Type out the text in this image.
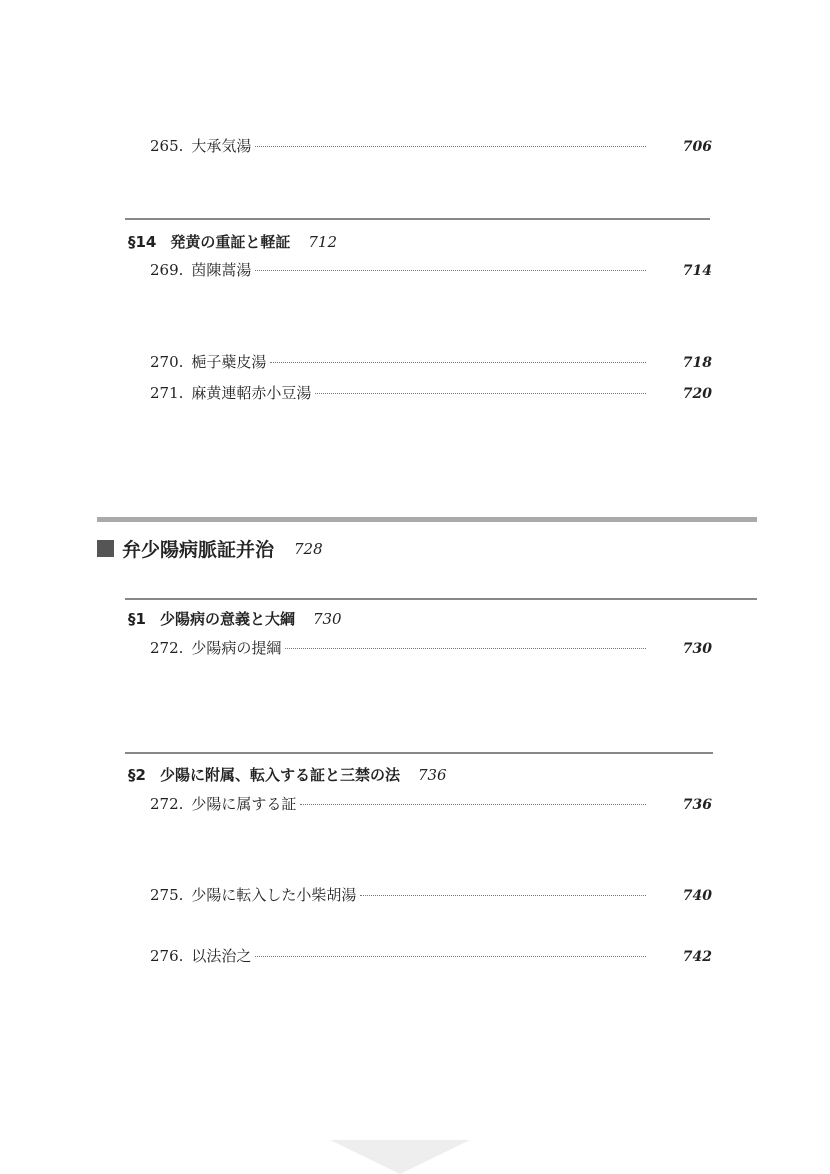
265. 大承気湯	706
§14 発黄の重証と軽証 712
269. 茵陳蒿湯	714
270. 梔子蘗皮湯	718
271. 麻黄連軺赤小豆湯	720
弁少陽病脈証并治 728
§1 少陽病の意義と大綱 730
272. 少陽病の提綱	730
§2 少陽に附属、転入する証と三禁の法 736
272. 少陽に属する証	736
275. 少陽に転入した小柴胡湯	740
276. 以法治之	742
